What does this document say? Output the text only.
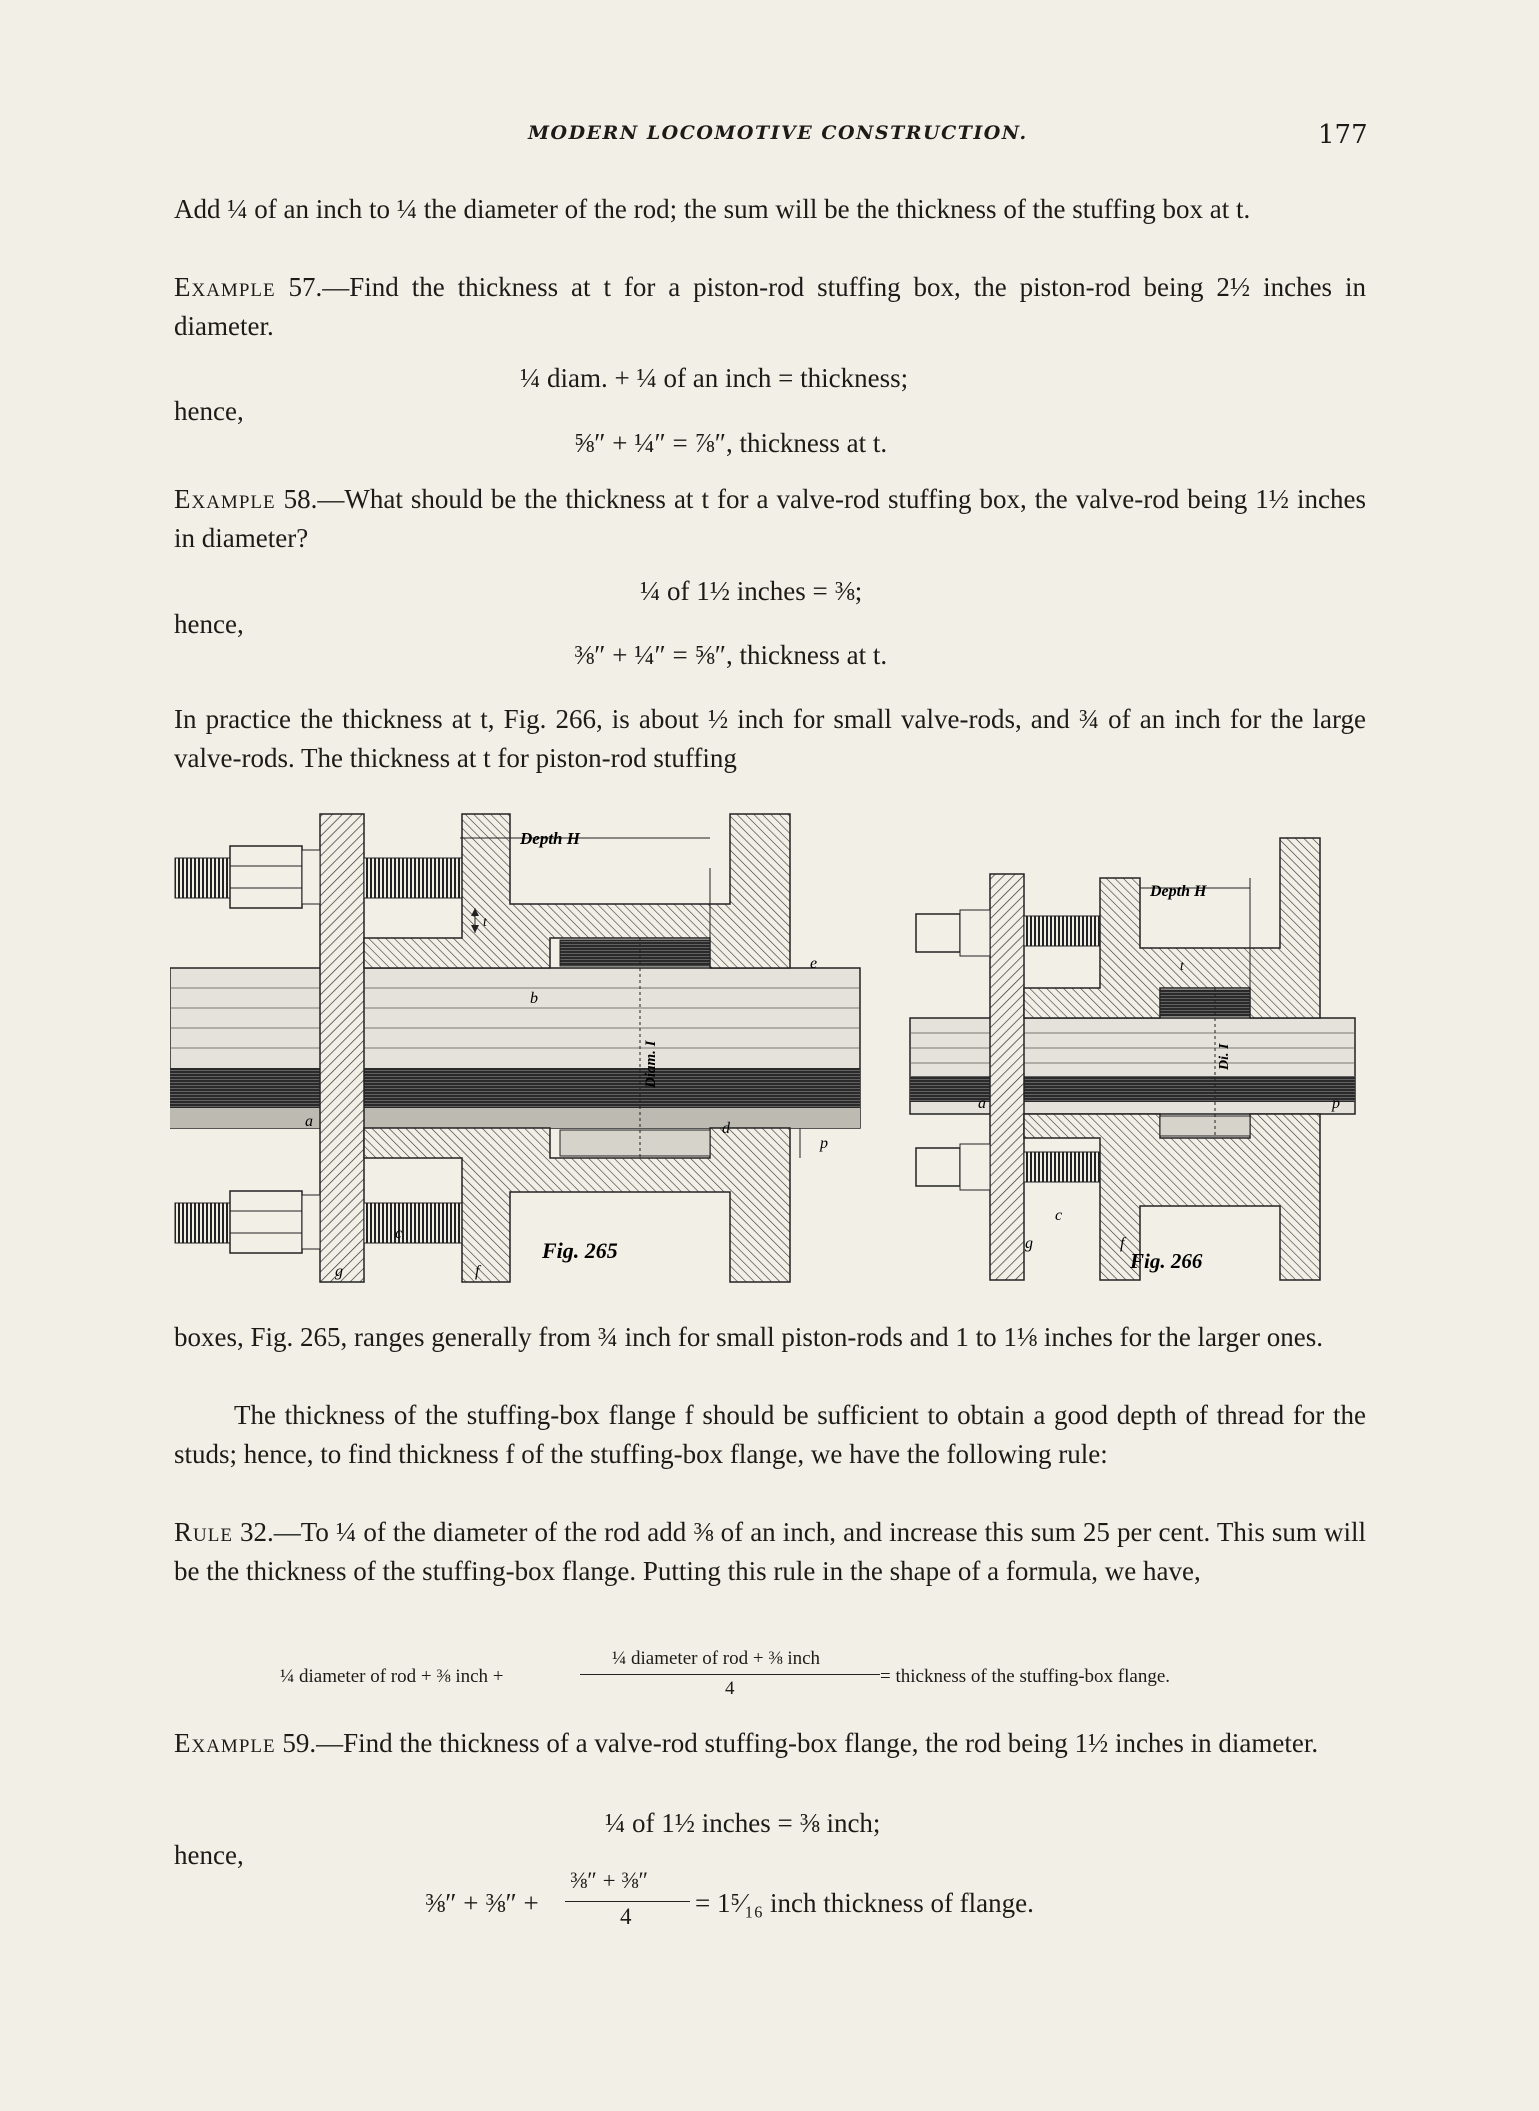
MODERN LOCOMOTIVE CONSTRUCTION.	177
Add ¼ of an inch to ¼ the diameter of the rod; the sum will be the thickness of the stuffing box at t.
Example 57.—Find the thickness at t for a piston-rod stuffing box, the piston-rod being 2½ inches in diameter.
¼ diam. + ¼ of an inch = thickness;
hence,
⅝″ + ¼″ = ⅞″, thickness at t.
Example 58.—What should be the thickness at t for a valve-rod stuffing box, the valve-rod being 1½ inches in diameter?
¼ of 1½ inches = ⅜;
hence,
⅜″ + ¼″ = ⅝″, thickness at t.
In practice the thickness at t, Fig. 266, is about ½ inch for small valve-rods, and ¾ of an inch for the large valve-rods. The thickness at t for piston-rod stuffing
Depth H
Diam. I
Fig. 265
a
b
c
d
e
f
g
p
t
Depth H
Di. I
Fig. 266
a
c
f
g
p
t
boxes, Fig. 265, ranges generally from ¾ inch for small piston-rods and 1 to 1⅛ inches for the larger ones.
The thickness of the stuffing-box flange f should be sufficient to obtain a good depth of thread for the studs; hence, to find thickness f of the stuffing-box flange, we have the following rule:
Rule 32.—To ¼ of the diameter of the rod add ⅜ of an inch, and increase this sum 25 per cent. This sum will be the thickness of the stuffing-box flange. Putting this rule in the shape of a formula, we have,
¼ diameter of rod + ⅜ inch +
¼ diameter of rod + ⅜ inch
4
= thickness of the stuffing-box flange.
Example 59.—Find the thickness of a valve-rod stuffing-box flange, the rod being 1½ inches in diameter.
¼ of 1½ inches = ⅜ inch;
hence,
⅜″ + ⅜″ +
⅜″ + ⅜″
4 = 1⁵⁄₁₆ inch thickness of flange.
